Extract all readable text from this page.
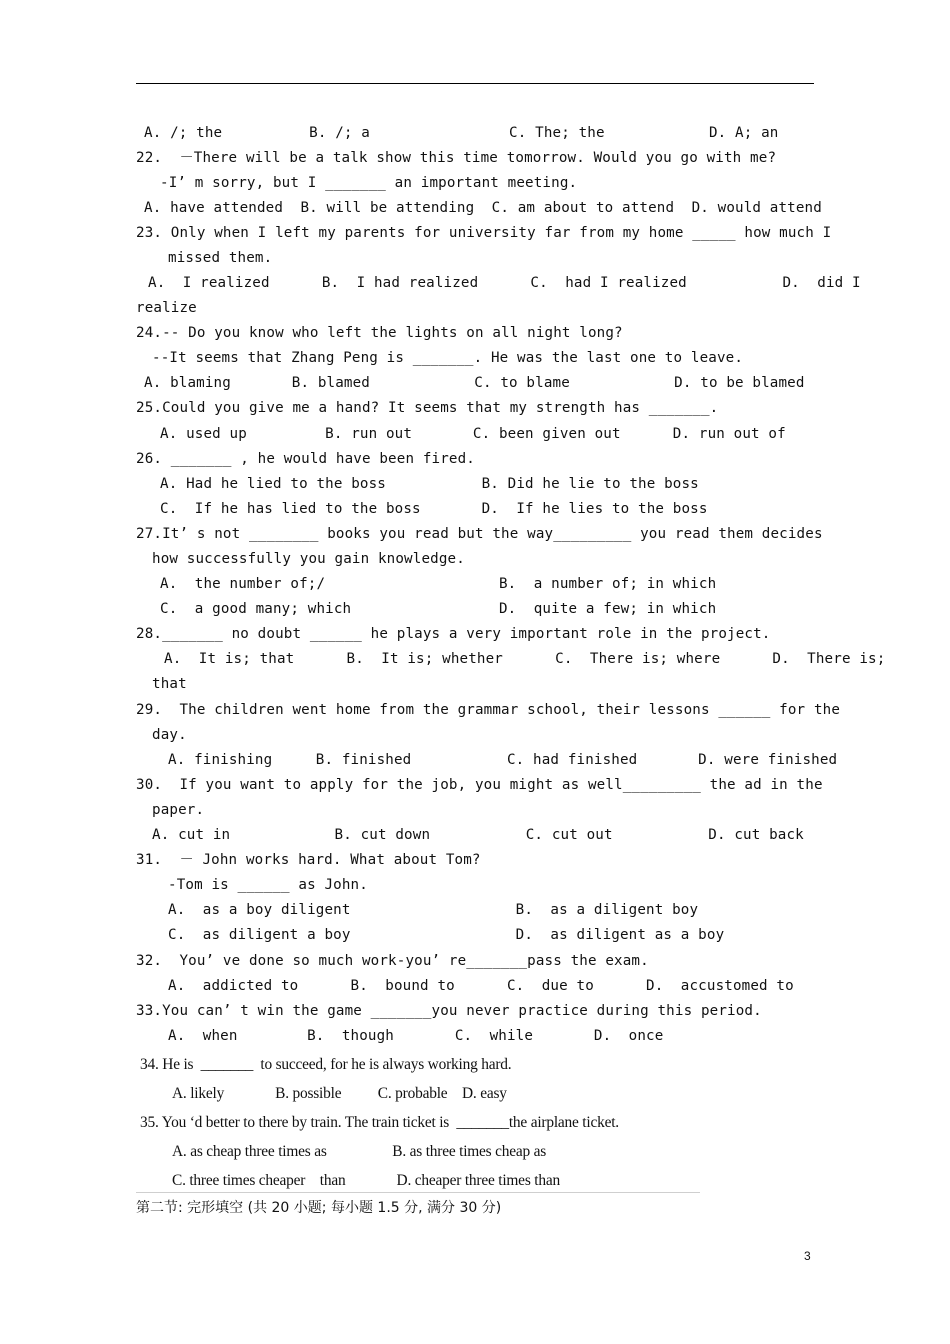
A. /; the          B. /; a                C. The; the            D. A; an
22.  －There will be a talk show this time tomorrow. Would you go with me?
-I’ m sorry, but I _______ an important meeting.
A. have attended  B. will be attending  C. am about to attend  D. would attend
23. Only when I left my parents for university far from my home _____ how much I
missed them.
A.  I realized      B.  I had realized      C.  had I realized           D.  did I
realize
24.-- Do you know who left the lights on all night long?
--It seems that Zhang Peng is _______. He was the last one to leave.
A. blaming       B. blamed            C. to blame            D. to be blamed
25.Could you give me a hand? It seems that my strength has _______.
A. used up         B. run out       C. been given out      D. run out of
26. _______ , he would have been fired.
A. Had he lied to the boss           B. Did he lie to the boss
C.  If he has lied to the boss       D.  If he lies to the boss
27.It’ s not ________ books you read but the way_________ you read them decides
how successfully you gain knowledge.
A.  the number of;/                    B.  a number of; in which
C.  a good many; which                 D.  quite a few; in which
28._______ no doubt ______ he plays a very important role in the project.
A.  It is; that      B.  It is; whether      C.  There is; where      D.  There is;
that
29.  The children went home from the grammar school, their lessons ______ for the
day.
A. finishing     B. finished           C. had finished       D. were finished
30.  If you want to apply for the job, you might as well_________ the ad in the
paper.
A. cut in            B. cut down           C. cut out           D. cut back
31.  － John works hard. What about Tom?
-Tom is ______ as John.
A.  as a boy diligent                   B.  as a diligent boy
C.  as diligent a boy                   D.  as diligent as a boy
32.  You’ ve done so much work-you’ re_______pass the exam.
A.  addicted to      B.  bound to      C.  due to      D.  accustomed to
33.You can’ t win the game _______you never practice during this period.
A.  when        B.  though       C.  while       D.  once
34. He is  _______  to succeed, for he is always working hard.
A. likely              B. possible          C. probable    D. easy
35. You ‘d better to there by train. The train ticket is  _______the airplane ticket.
A. as cheap three times as                  B. as three times cheap as
C. three times cheaper    than              D. cheaper three times than
第二节: 完形填空 (共 20 小题; 每小题 1.5 分, 满分 30 分)
3
